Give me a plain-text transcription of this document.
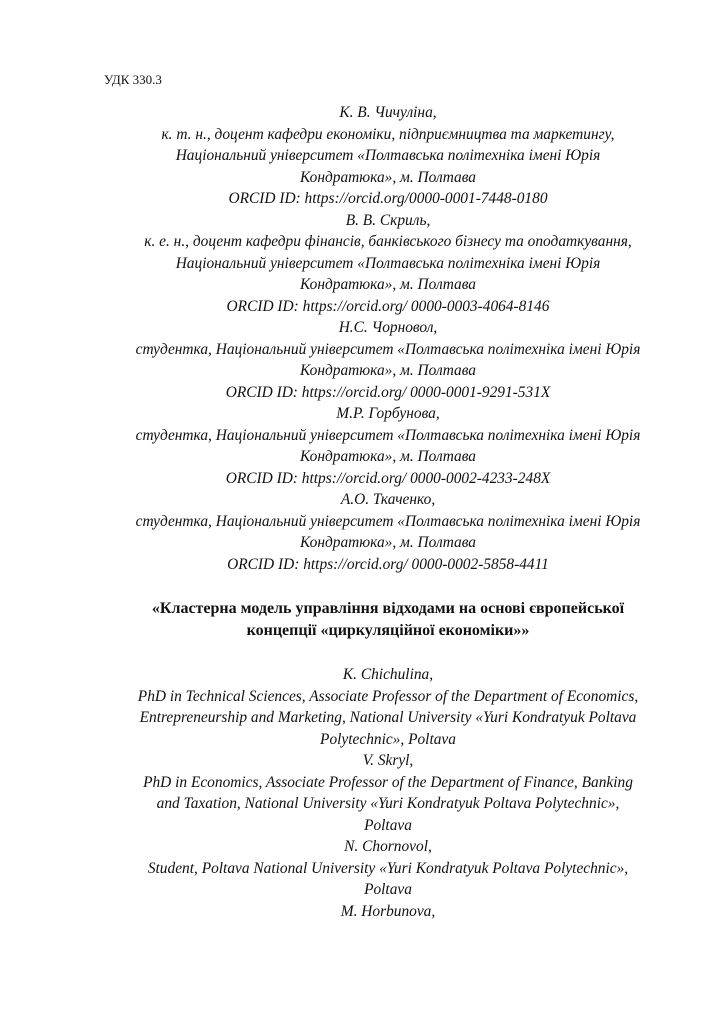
УДК 330.3
К. В. Чичуліна,
к. т. н., доцент кафедри економіки, підприємництва та маркетингу,
Національний університет «Полтавська політехніка імені Юрія
Кондратюка», м. Полтава
ORCID ID: https://orcid.org/0000-0001-7448-0180
В. В. Скриль,
к. е. н., доцент кафедри фінансів, банківського бізнесу та оподаткування,
Національний університет «Полтавська політехніка імені Юрія
Кондратюка», м. Полтава
ORCID ID: https://orcid.org/ 0000-0003-4064-8146
Н.С. Чорновол,
студентка, Національний університет «Полтавська політехніка імені Юрія
Кондратюка», м. Полтава
ORCID ID: https://orcid.org/ 0000-0001-9291-531X
М.Р. Горбунова,
студентка, Національний університет «Полтавська політехніка імені Юрія
Кондратюка», м. Полтава
ORCID ID: https://orcid.org/ 0000-0002-4233-248X
А.О. Ткаченко,
студентка, Національний університет «Полтавська політехніка імені Юрія
Кондратюка», м. Полтава
ORCID ID: https://orcid.org/ 0000-0002-5858-4411
«Кластерна модель управління відходами на основі європейської
концепції «циркуляційної економіки»»
K. Chichulina,
PhD in Technical Sciences, Associate Professor of the Department of Economics,
Entrepreneurship and Marketing, National University «Yuri Kondratyuk Poltava
Polytechnic», Poltava
V. Skryl,
PhD in Economics, Associate Professor of the Department of Finance, Banking
and Taxation, National University «Yuri Kondratyuk Poltava Polytechnic»,
Poltava
N. Chornovol,
Student, Poltava National University «Yuri Kondratyuk Poltava Polytechnic»,
Poltava
M. Horbunova,
